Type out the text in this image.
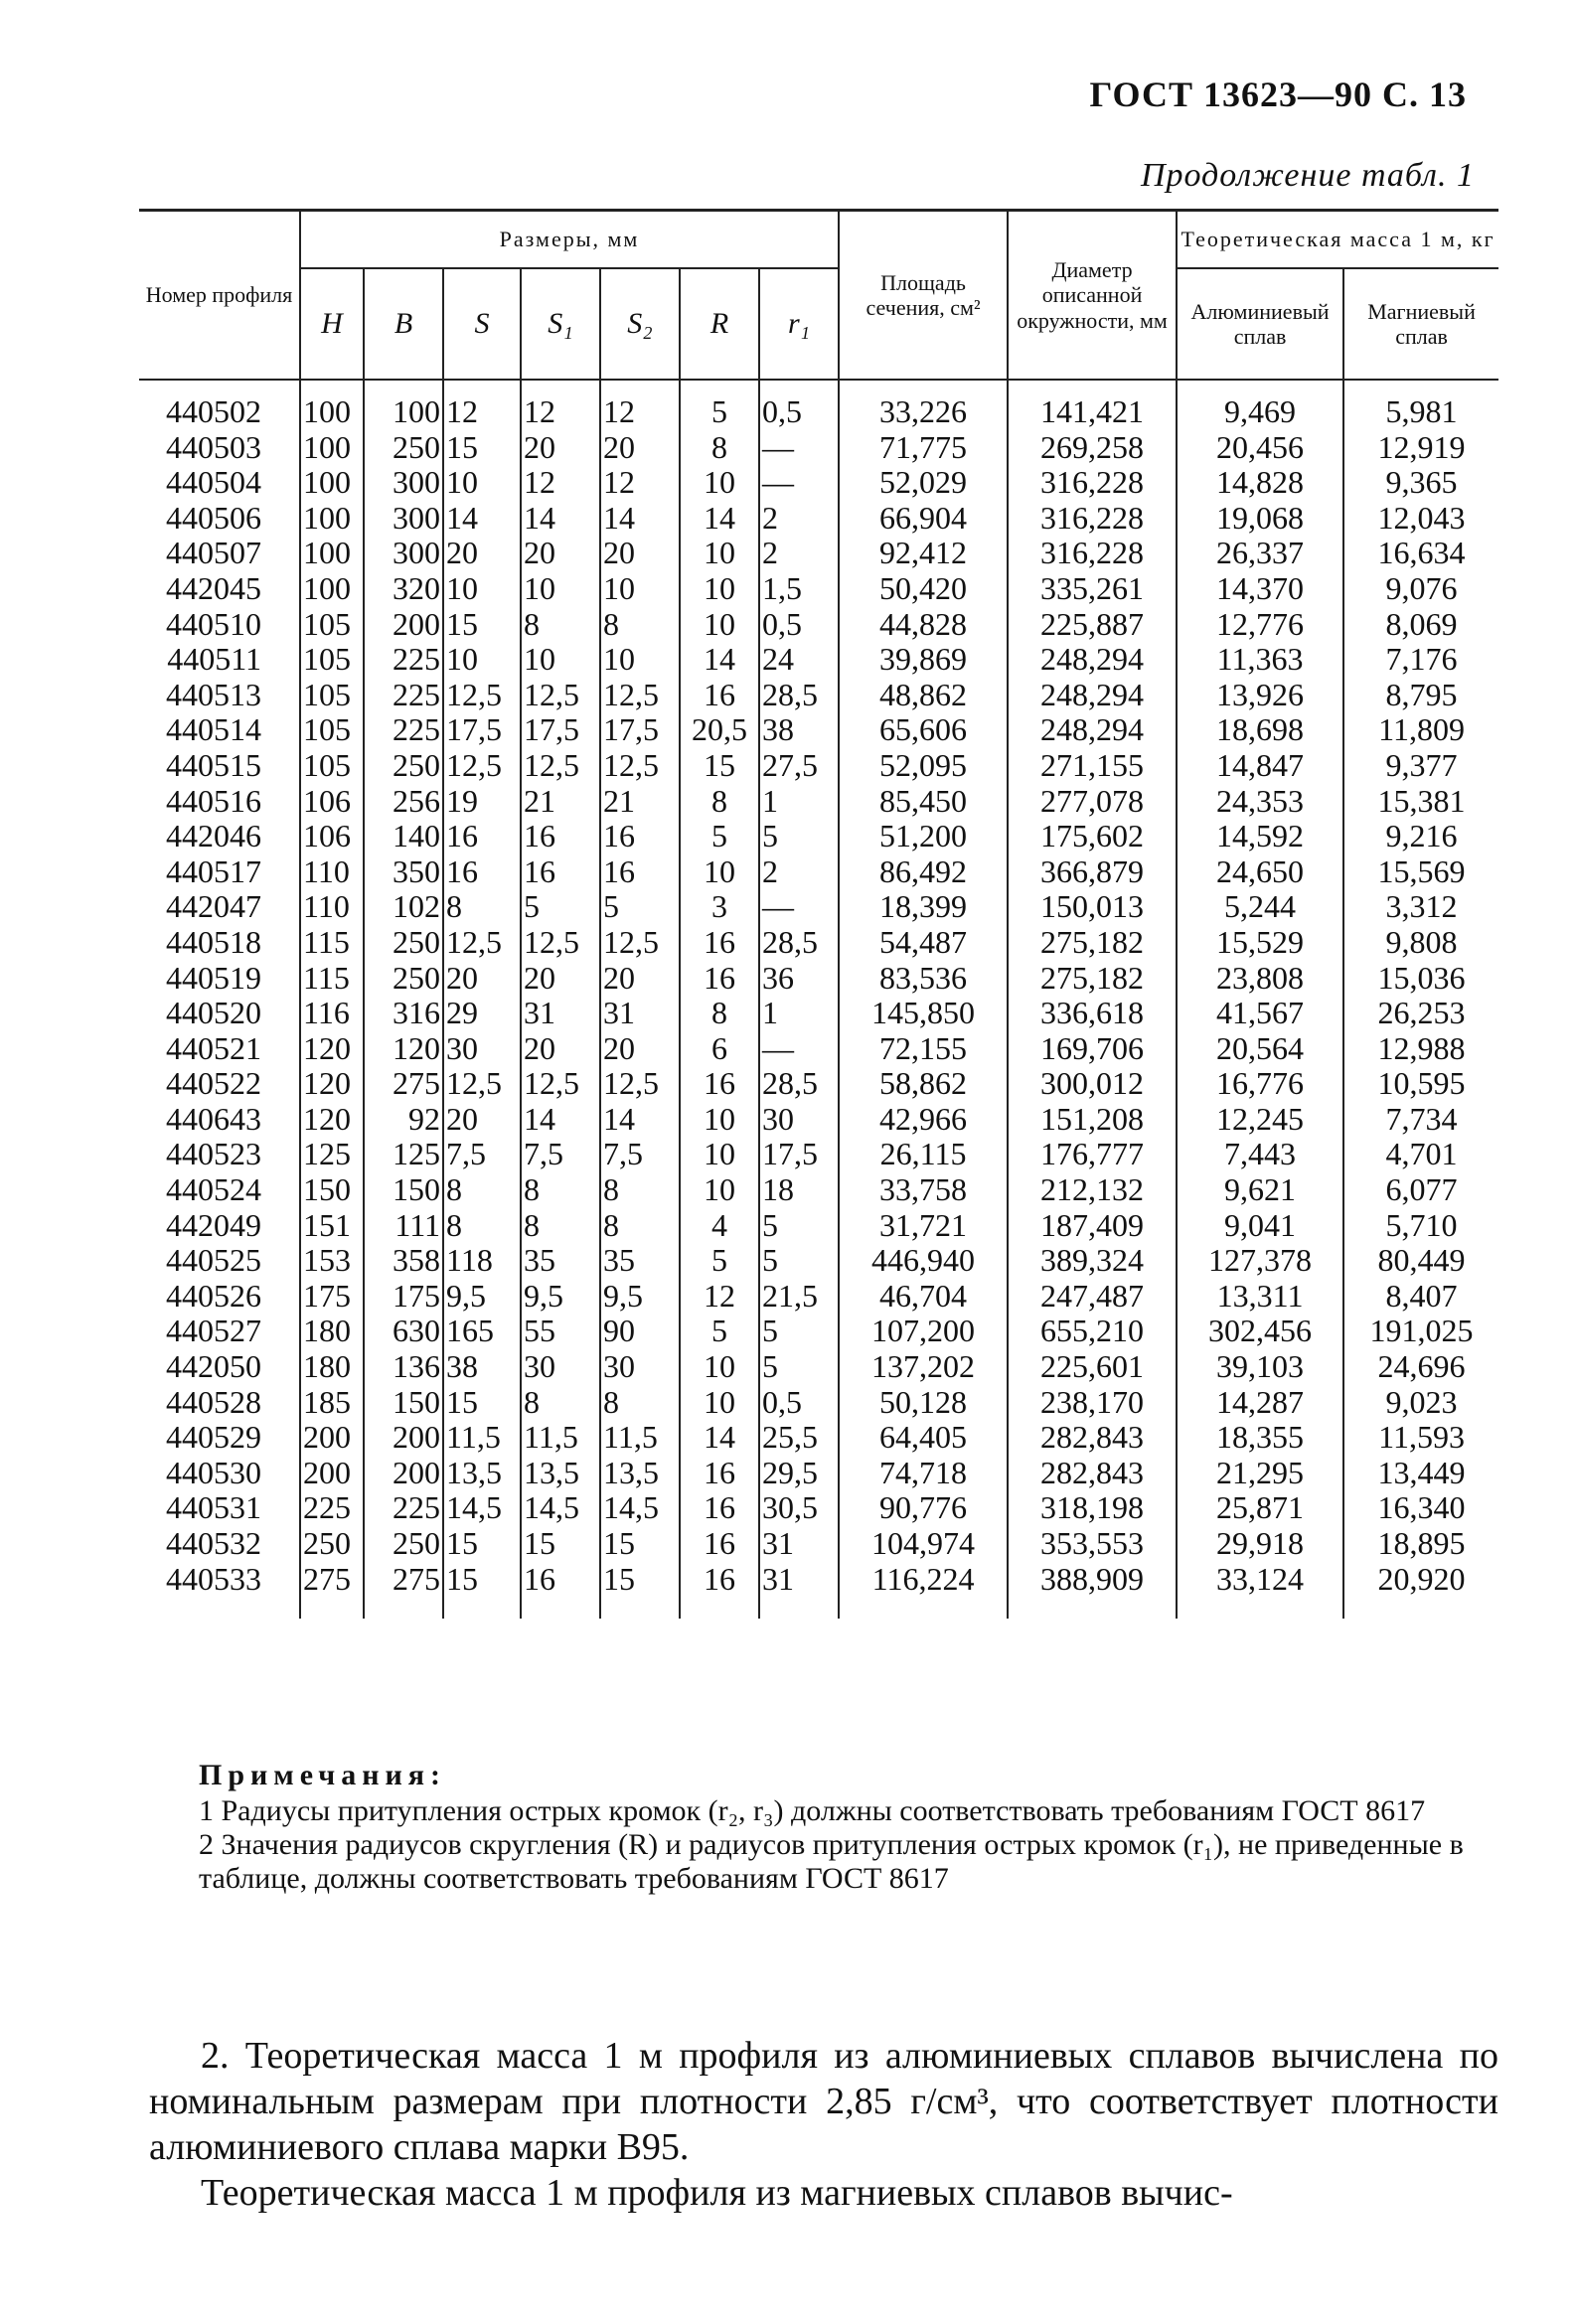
ГОСТ 13623—90 С. 13
Продолжение табл. 1
Номер профиля	Размеры, мм							Площадь сечения, см²	Диаметр описанной окружности, мм	Теоретическая масса 1 м, кг	
	H	B	S	S₁	S₂	R	r₁			Алюминиевый сплав	Магниевый сплав

440502	100	100	12	12	12	5	0,5	33,226	141,421	9,469	5,981
440503	100	250	15	20	20	8	—	71,775	269,258	20,456	12,919
440504	100	300	10	12	12	10	—	52,029	316,228	14,828	9,365
440506	100	300	14	14	14	14	2	66,904	316,228	19,068	12,043
440507	100	300	20	20	20	10	2	92,412	316,228	26,337	16,634
442045	100	320	10	10	10	10	1,5	50,420	335,261	14,370	9,076
440510	105	200	15	8	8	10	0,5	44,828	225,887	12,776	8,069
440511	105	225	10	10	10	14	24	39,869	248,294	11,363	7,176
440513	105	225	12,5	12,5	12,5	16	28,5	48,862	248,294	13,926	8,795
440514	105	225	17,5	17,5	17,5	20,5	38	65,606	248,294	18,698	11,809
440515	105	250	12,5	12,5	12,5	15	27,5	52,095	271,155	14,847	9,377
440516	106	256	19	21	21	8	1	85,450	277,078	24,353	15,381
442046	106	140	16	16	16	5	5	51,200	175,602	14,592	9,216
440517	110	350	16	16	16	10	2	86,492	366,879	24,650	15,569
442047	110	102	8	5	5	3	—	18,399	150,013	5,244	3,312
440518	115	250	12,5	12,5	12,5	16	28,5	54,487	275,182	15,529	9,808
440519	115	250	20	20	20	16	36	83,536	275,182	23,808	15,036
440520	116	316	29	31	31	8	1	145,850	336,618	41,567	26,253
440521	120	120	30	20	20	6	—	72,155	169,706	20,564	12,988
440522	120	275	12,5	12,5	12,5	16	28,5	58,862	300,012	16,776	10,595
440643	120	92	20	14	14	10	30	42,966	151,208	12,245	7,734
440523	125	125	7,5	7,5	7,5	10	17,5	26,115	176,777	7,443	4,701
440524	150	150	8	8	8	10	18	33,758	212,132	9,621	6,077
442049	151	111	8	8	8	4	5	31,721	187,409	9,041	5,710
440525	153	358	118	35	35	5	5	446,940	389,324	127,378	80,449
440526	175	175	9,5	9,5	9,5	12	21,5	46,704	247,487	13,311	8,407
440527	180	630	165	55	90	5	5	107,200	655,210	302,456	191,025
442050	180	136	38	30	30	10	5	137,202	225,601	39,103	24,696
440528	185	150	15	8	8	10	0,5	50,128	238,170	14,287	9,023
440529	200	200	11,5	11,5	11,5	14	25,5	64,405	282,843	18,355	11,593
440530	200	200	13,5	13,5	13,5	16	29,5	74,718	282,843	21,295	13,449
440531	225	225	14,5	14,5	14,5	16	30,5	90,776	318,198	25,871	16,340
440532	250	250	15	15	15	16	31	104,974	353,553	29,918	18,895
440533	275	275	15	16	15	16	31	116,224	388,909	33,124	20,920

Примечания:
1 Радиусы притупления острых кромок (r₂, r₃) должны соответствовать требованиям ГОСТ 8617
2 Значения радиусов скругления (R) и радиусов притупления острых кромок (r₁), не приведенные в таблице, должны соответствовать требованиям ГОСТ 8617

2. Теоретическая масса 1 м профиля из алюминиевых сплавов вычислена по номинальным размерам при плотности 2,85 г/см³, что соответствует плотности алюминиевого сплава марки В95.

Теоретическая масса 1 м профиля из магниевых сплавов вычис-
